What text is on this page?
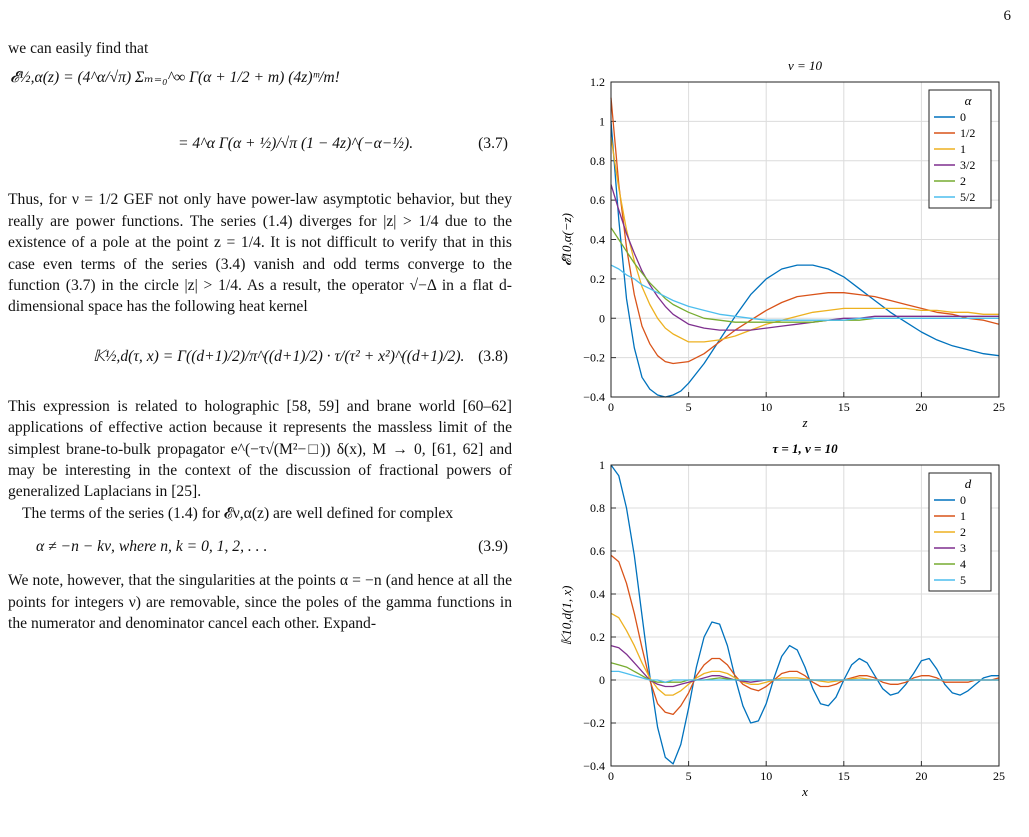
6

we can easily find that

𝓔½,α(z) = (4^α/√π) Σₘ₌₀^∞ Γ(α + 1/2 + m) (4z)ᵐ/m!
= 4^α Γ(α + ½)/√π (1 − 4z)^(−α−½).	(3.7)

Thus, for ν = 1/2 GEF not only have power-law asymptotic behavior, but they really are power functions. The series (1.4) diverges for |z| > 1/4 due to the existence of a pole at the point z = 1/4. It is not difficult to verify that in this case even terms of the series (3.4) vanish and odd terms converge to the function (3.7) in the circle |z| > 1/4. As a result, the operator √−Δ in a flat d-dimensional space has the following heat kernel

𝕂½,d(τ, x) = Γ((d+1)/2)/π^((d+1)/2) · τ/(τ² + x²)^((d+1)/2). (3.8)

This expression is related to holographic [58, 59] and brane world [60–62] applications of effective action because it represents the massless limit of the simplest brane-to-bulk propagator e^(−τ√(M²−□)) δ(x), M → 0, [61, 62] and may be interesting in the context of the discussion of fractional powers of generalized Laplacians in [25].

The terms of the series (1.4) for 𝓔ν,α(z) are well defined for complex

α ≠ −n − kν, where n, k = 0, 1, 2, . . .	(3.9)

We note, however, that the singularities at the points α = −n (and hence at all the points for integers ν) are removable, since the poles of the gamma functions in the numerator and denominator cancel each other. Expand-

ν = 10
0	5	10	15	20	25
−0.4
−0.2
0
0.2
0.4
0.6
0.8
1
1.2
z
𝓔10,α(−z)
α
0
1/2
1
3/2
2
5/2
τ = 1, ν = 10
0	5	10	15	20	25
−0.4
−0.2
0
0.2
0.4
0.6
0.8
1
x
𝕂10,d(1, x)
d
0
1
2
3
4
5
